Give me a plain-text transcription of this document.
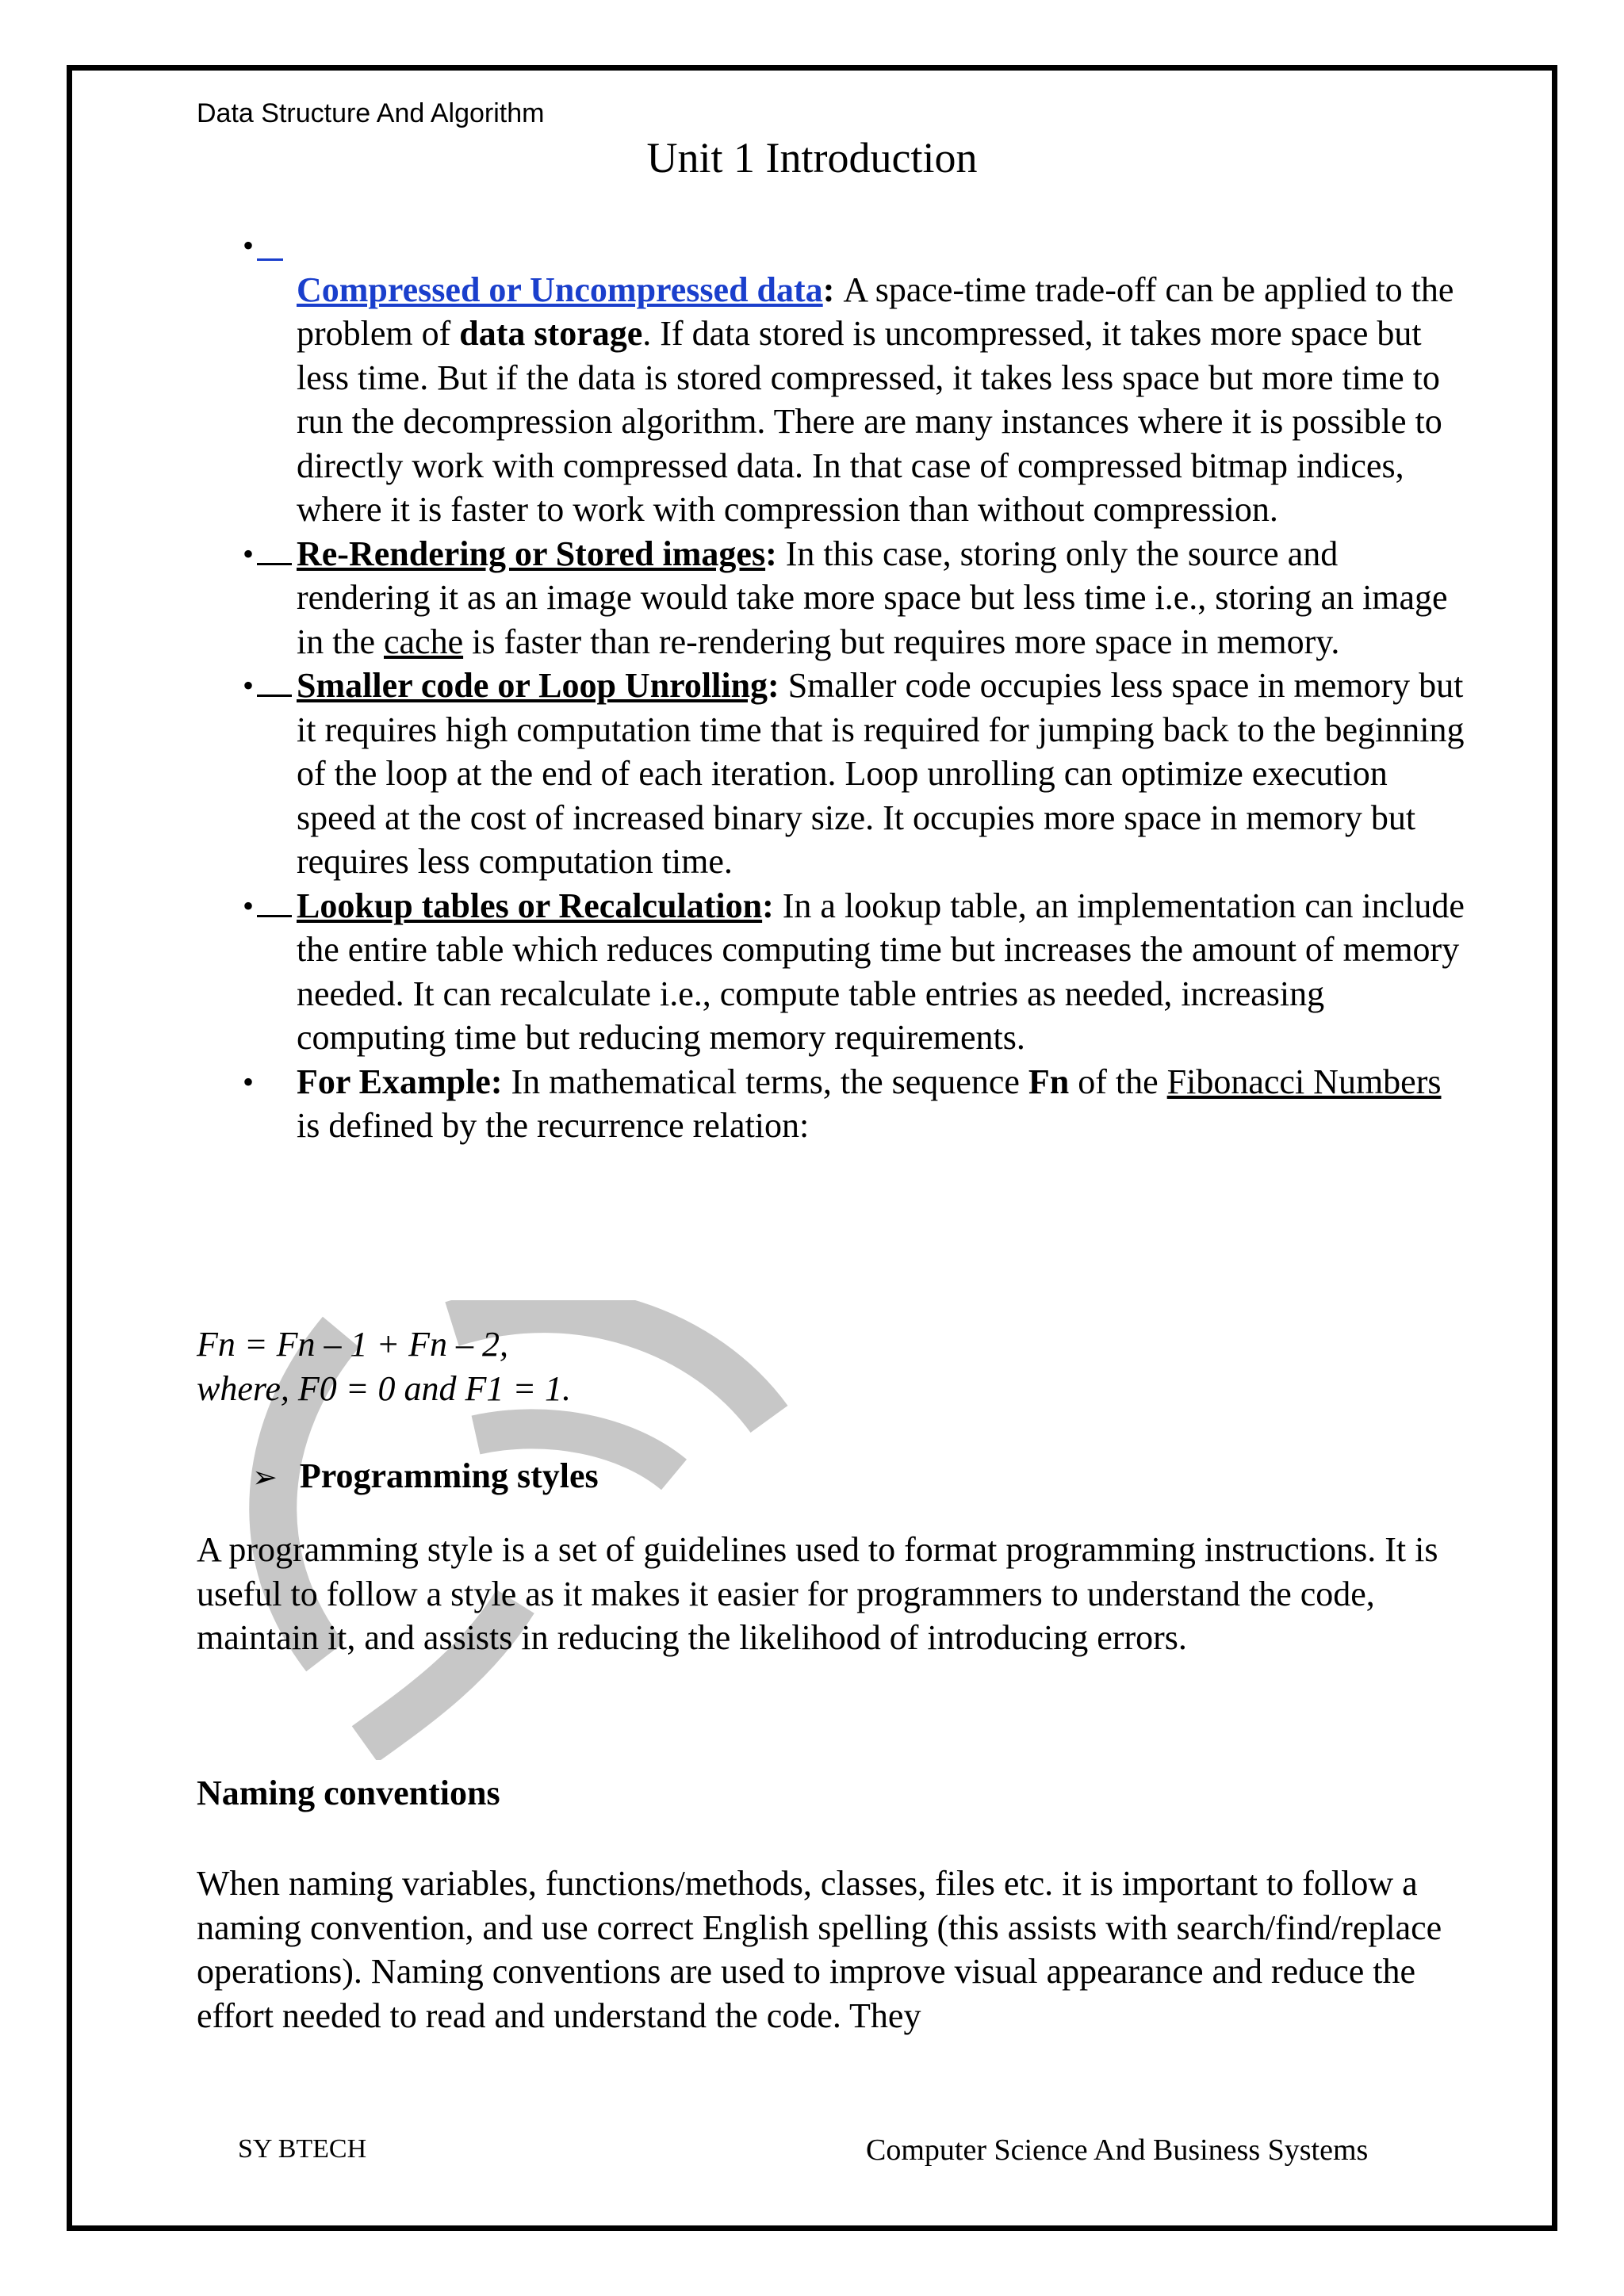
Data Structure And Algorithm
Unit 1 Introduction
•

Compressed or Uncompressed data: A space-time trade-off can be applied to the problem of data storage. If data stored is uncompressed, it takes more space but less time. But if the data is stored compressed, it takes less space but more time to run the decompression algorithm. There are many instances where it is possible to directly work with compressed data. In that case of compressed bitmap indices, where it is faster to work with compression than without compression.
• Re-Rendering or Stored images: In this case, storing only the source and rendering it as an image would take more space but less time i.e., storing an image in the cache is faster than re-rendering but requires more space in memory.
• Smaller code or Loop Unrolling: Smaller code occupies less space in memory but it requires high computation time that is required for jumping back to the beginning of the loop at the end of each iteration. Loop unrolling can optimize execution speed at the cost of increased binary size. It occupies more space in memory but requires less computation time.
• Lookup tables or Recalculation: In a lookup table, an implementation can include the entire table which reduces computing time but increases the amount of memory needed. It can recalculate i.e., compute table entries as needed, increasing computing time but reducing memory requirements.
• For Example: In mathematical terms, the sequence Fn of the Fibonacci Numbers is defined by the recurrence relation:
Fn = Fn – 1 + Fn – 2,
where, F0 = 0 and F1 = 1.
➢ Programming styles
A programming style is a set of guidelines used to format programming instructions. It is useful to follow a style as it makes it easier for programmers to understand the code, maintain it, and assists in reducing the likelihood of introducing errors.
Naming conventions
When naming variables, functions/methods, classes, files etc. it is important to follow a naming convention, and use correct English spelling (this assists with search/find/replace operations). Naming conventions are used to improve visual appearance and reduce the effort needed to read and understand the code. They
SY BTECH	Computer Science And Business Systems
